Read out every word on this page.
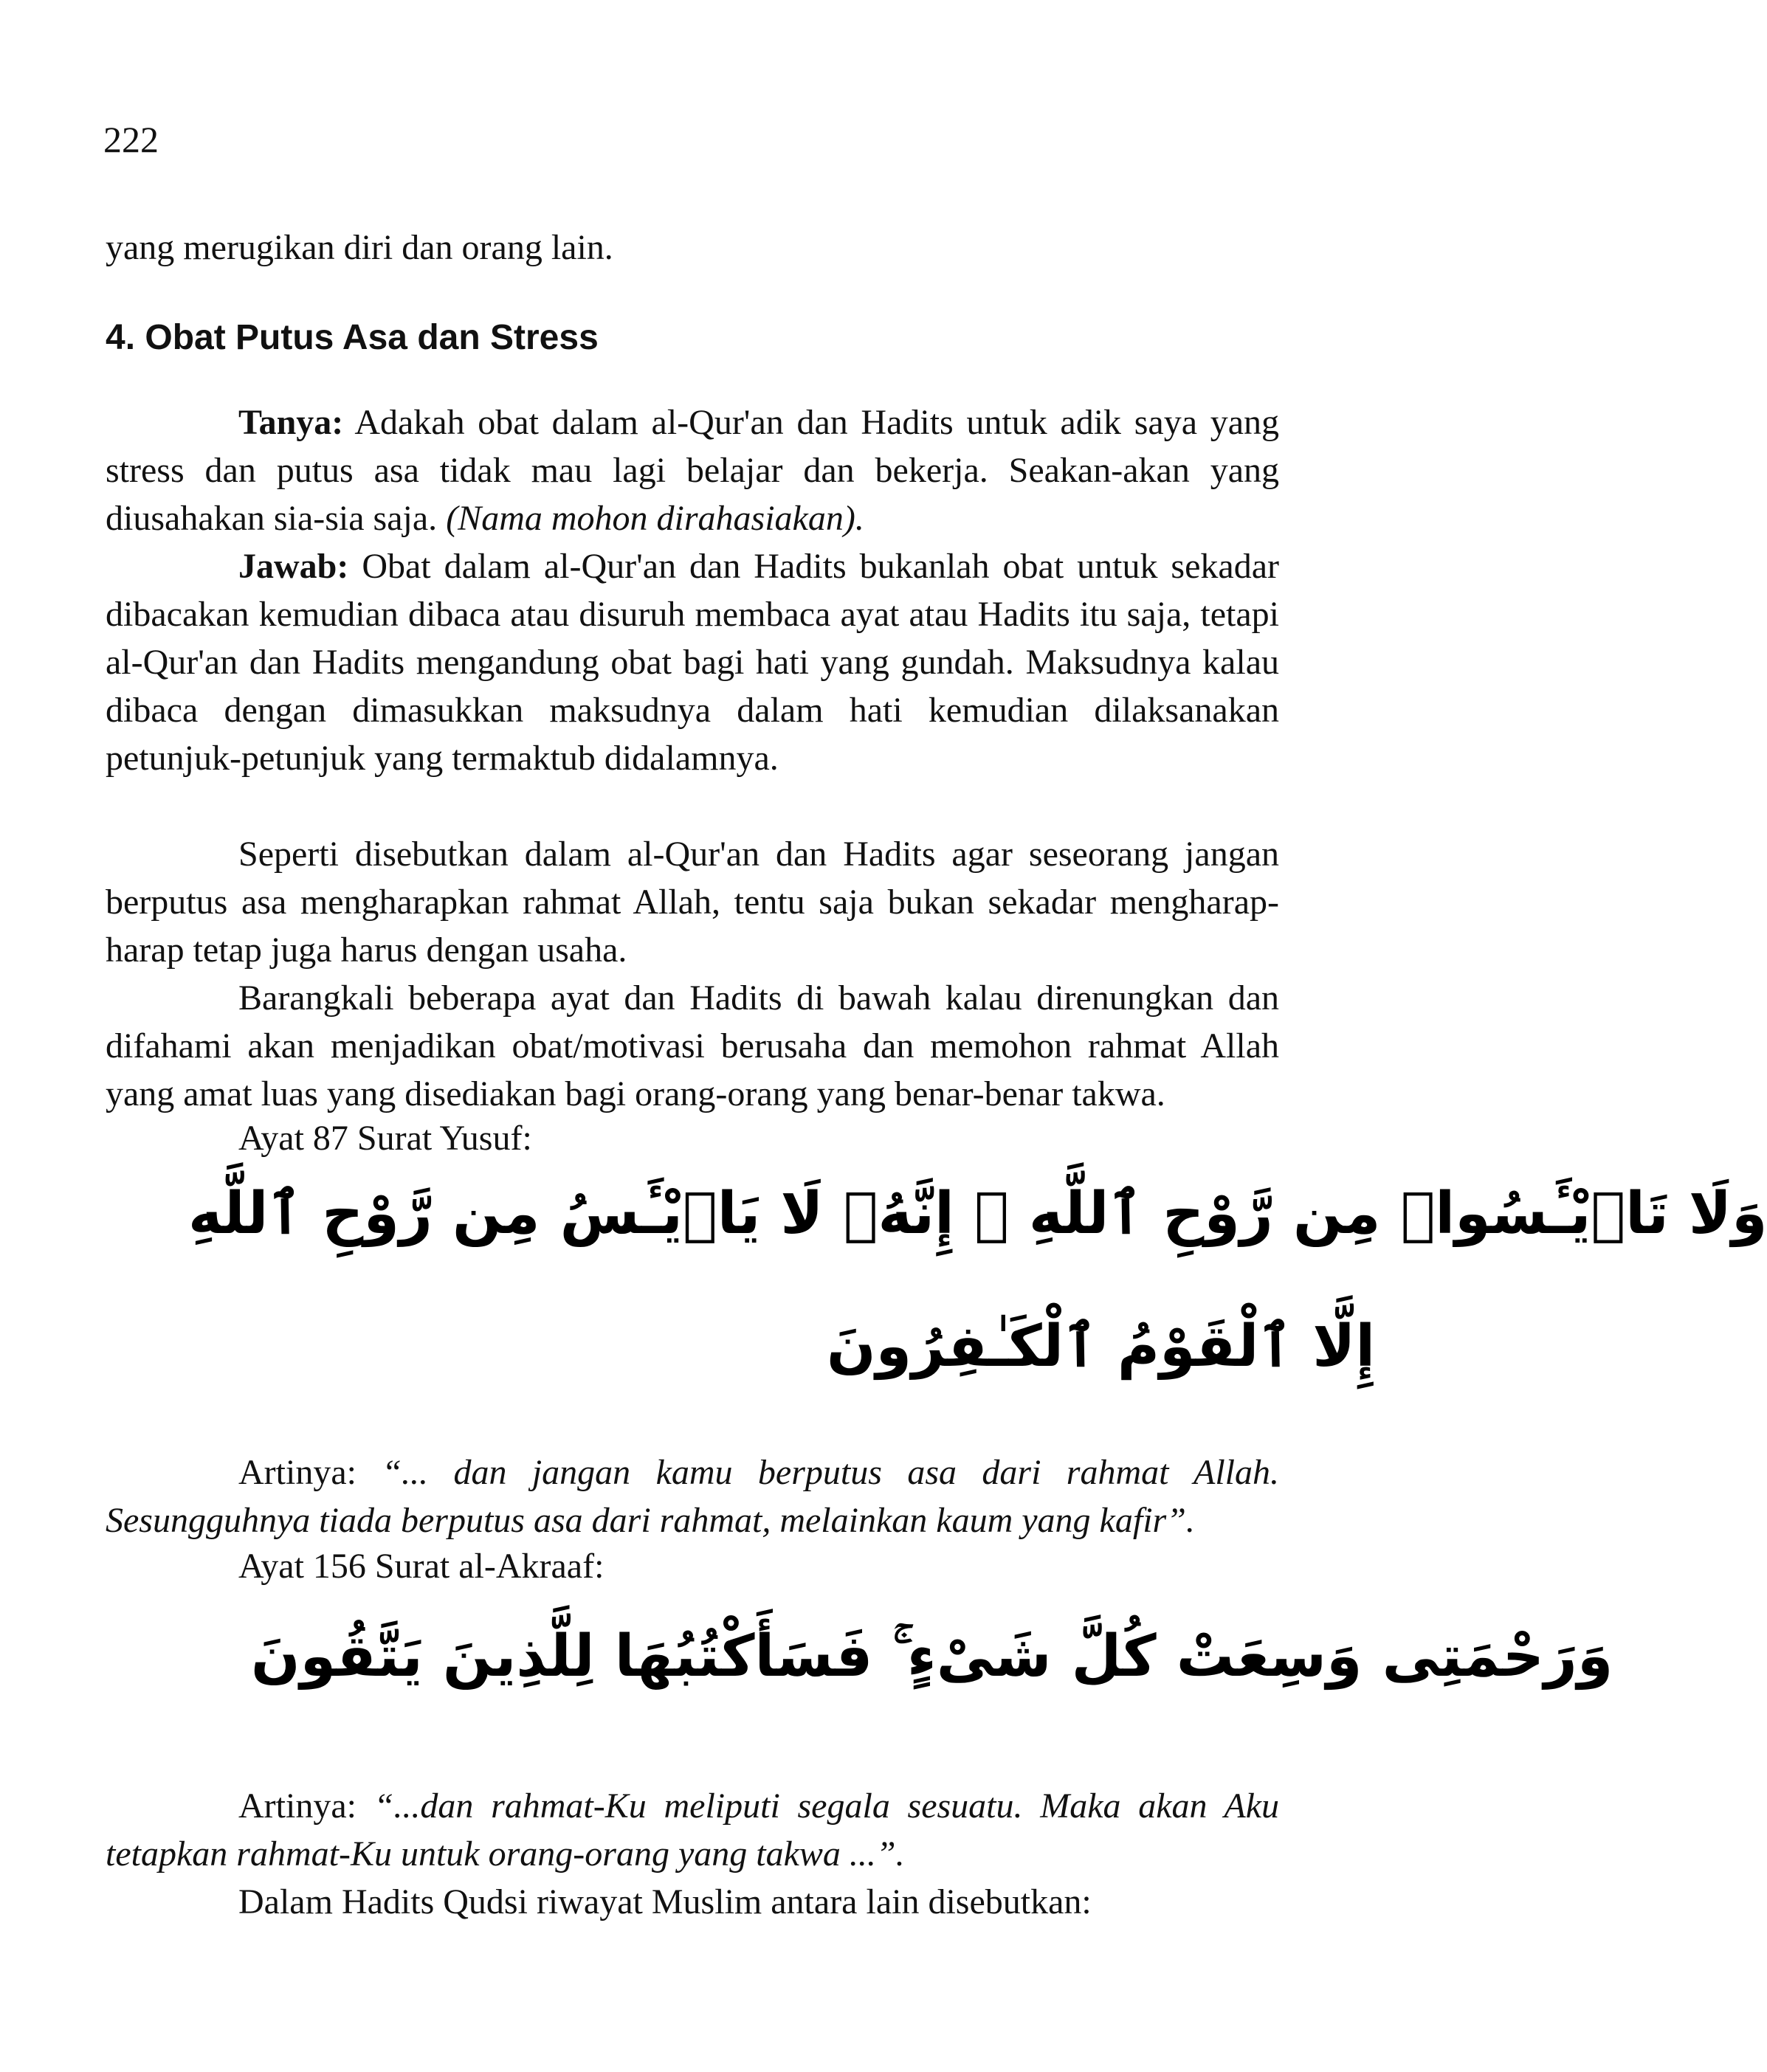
222

yang merugikan diri dan orang lain.

4. Obat Putus Asa dan Stress

Tanya: Adakah obat dalam al-Qur'an dan Hadits untuk adik saya yang stress dan putus asa tidak mau lagi belajar dan bekerja. Seakan-akan yang diusahakan sia-sia saja. (Nama mohon dirahasiakan).

Jawab: Obat dalam al-Qur'an dan Hadits bukanlah obat untuk sekadar dibacakan kemudian dibaca atau disuruh membaca ayat atau Hadits itu saja, tetapi al-Qur'an dan Hadits mengandung obat bagi hati yang gundah. Maksudnya kalau dibaca dengan dimasukkan maksudnya dalam hati kemudian dilaksanakan petunjuk-petunjuk yang termaktub didalamnya.

Seperti disebutkan dalam al-Qur'an dan Hadits agar seseorang jangan berputus asa mengharapkan rahmat Allah, tentu saja bukan sekadar mengharap-harap tetap juga harus dengan usaha.

Barangkali beberapa ayat dan Hadits di bawah kalau direnungkan dan difahami akan menjadikan obat/motivasi berusaha dan memohon rahmat Allah yang amat luas yang disediakan bagi orang-orang yang benar-benar takwa.

Ayat 87 Surat Yusuf:
وَلَا تَا۟يْـَٔسُوا۟ مِن رَّوْحِ ٱللَّهِ ۖ إِنَّهُۥ لَا يَا۟يْـَٔسُ مِن رَّوْحِ ٱللَّهِ
إِلَّا ٱلْقَوْمُ ٱلْكَـٰفِرُونَ

Artinya: “... dan jangan kamu berputus asa dari rahmat Allah. Sesungguhnya tiada berputus asa dari rahmat, melainkan kaum yang kafir”.

Ayat 156 Surat al-Akraaf:
وَرَحْمَتِى وَسِعَتْ كُلَّ شَىْءٍ ۚ فَسَأَكْتُبُهَا لِلَّذِينَ يَتَّقُونَ

Artinya: “...dan rahmat-Ku meliputi segala sesuatu. Maka akan Aku tetapkan rahmat-Ku untuk orang-orang yang takwa ...”.

Dalam Hadits Qudsi riwayat Muslim antara lain disebutkan:
